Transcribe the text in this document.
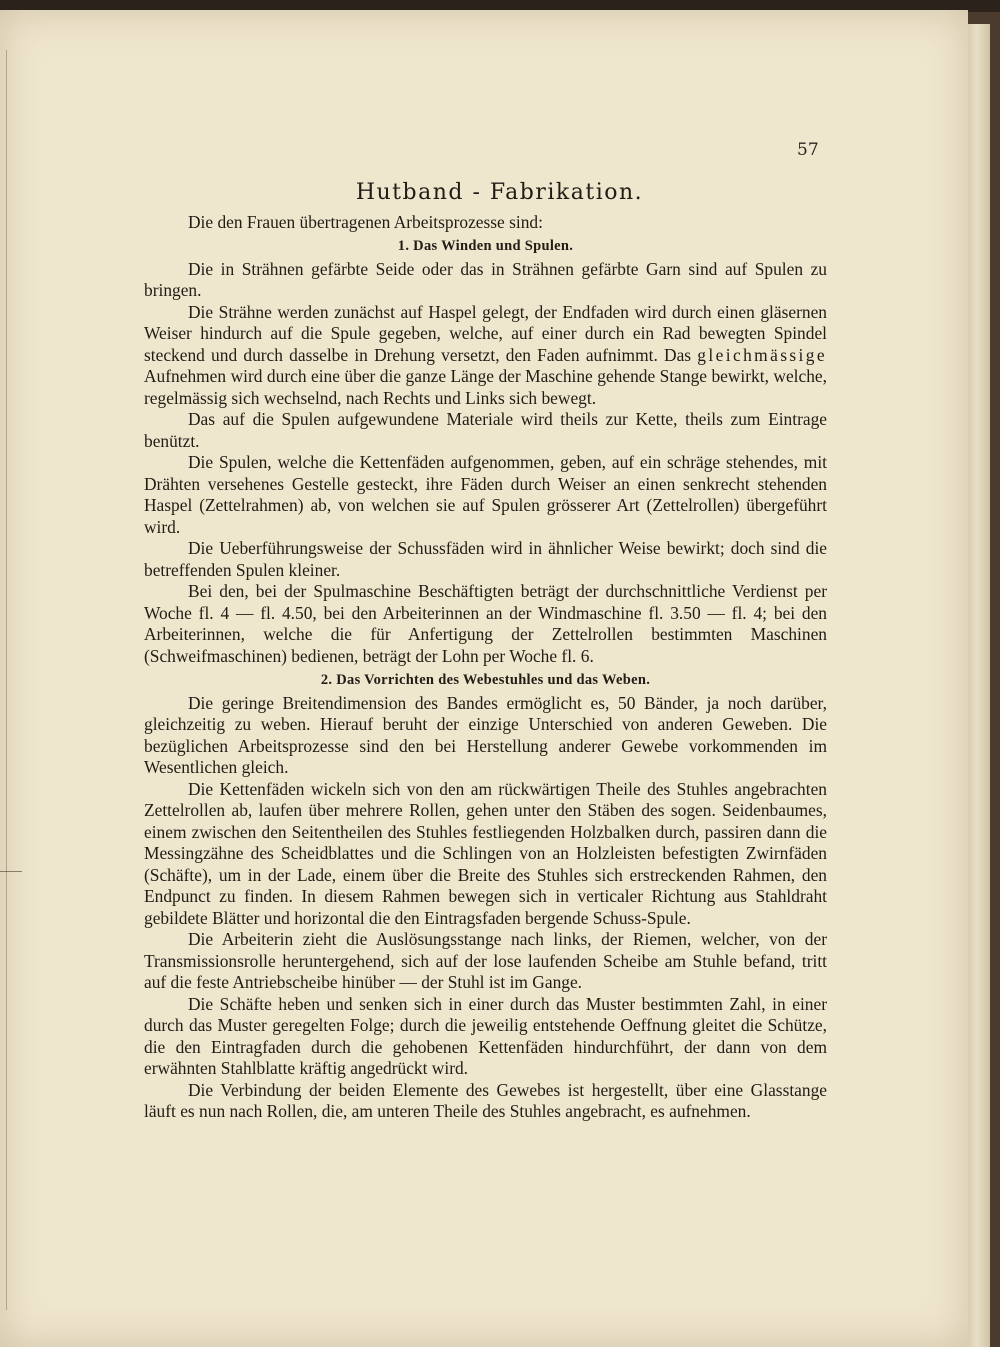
57

Hutband - Fabrikation.

Die den Frauen übertragenen Arbeitsprozesse sind:

1. Das Winden und Spulen.

Die in Strähnen gefärbte Seide oder das in Strähnen gefärbte Garn sind auf Spulen zu bringen.

Die Strähne werden zunächst auf Haspel gelegt, der Endfaden wird durch einen gläsernen Weiser hindurch auf die Spule gegeben, welche, auf einer durch ein Rad bewegten Spindel steckend und durch dasselbe in Drehung versetzt, den Faden aufnimmt. Das gleichmässige Aufnehmen wird durch eine über die ganze Länge der Maschine gehende Stange bewirkt, welche, regelmässig sich wechselnd, nach Rechts und Links sich bewegt.

Das auf die Spulen aufgewundene Materiale wird theils zur Kette, theils zum Eintrage benützt.

Die Spulen, welche die Kettenfäden aufgenommen, geben, auf ein schräge stehendes, mit Drähten versehenes Gestelle gesteckt, ihre Fäden durch Weiser an einen senkrecht stehenden Haspel (Zettelrahmen) ab, von welchen sie auf Spulen grösserer Art (Zettelrollen) übergeführt wird.

Die Ueberführungsweise der Schussfäden wird in ähnlicher Weise bewirkt; doch sind die betreffenden Spulen kleiner.

Bei den, bei der Spulmaschine Beschäftigten beträgt der durchschnittliche Verdienst per Woche fl. 4 — fl. 4.50, bei den Arbeiterinnen an der Windmaschine fl. 3.50 — fl. 4; bei den Arbeiterinnen, welche die für Anfertigung der Zettelrollen bestimmten Maschinen (Schweifmaschinen) bedienen, beträgt der Lohn per Woche fl. 6.

2. Das Vorrichten des Webestuhles und das Weben.

Die geringe Breitendimension des Bandes ermöglicht es, 50 Bänder, ja noch darüber, gleichzeitig zu weben. Hierauf beruht der einzige Unterschied von anderen Geweben. Die bezüglichen Arbeitsprozesse sind den bei Herstellung anderer Gewebe vorkommenden im Wesentlichen gleich.

Die Kettenfäden wickeln sich von den am rückwärtigen Theile des Stuhles angebrachten Zettelrollen ab, laufen über mehrere Rollen, gehen unter den Stäben des sogen. Seidenbaumes, einem zwischen den Seitentheilen des Stuhles festliegenden Holzbalken durch, passiren dann die Messingzähne des Scheidblattes und die Schlingen von an Holzleisten befestigten Zwirnfäden (Schäfte), um in der Lade, einem über die Breite des Stuhles sich erstreckenden Rahmen, den Endpunct zu finden. In diesem Rahmen bewegen sich in verticaler Richtung aus Stahldraht gebildete Blätter und horizontal die den Eintragsfaden bergende Schuss-Spule.

Die Arbeiterin zieht die Auslösungsstange nach links, der Riemen, welcher, von der Transmissionsrolle heruntergehend, sich auf der lose laufenden Scheibe am Stuhle befand, tritt auf die feste Antriebscheibe hinüber — der Stuhl ist im Gange.

Die Schäfte heben und senken sich in einer durch das Muster bestimmten Zahl, in einer durch das Muster geregelten Folge; durch die jeweilig entstehende Oeffnung gleitet die Schütze, die den Eintragfaden durch die gehobenen Kettenfäden hindurchführt, der dann von dem erwähnten Stahlblatte kräftig angedrückt wird.

Die Verbindung der beiden Elemente des Gewebes ist hergestellt, über eine Glasstange läuft es nun nach Rollen, die, am unteren Theile des Stuhles angebracht, es aufnehmen.
